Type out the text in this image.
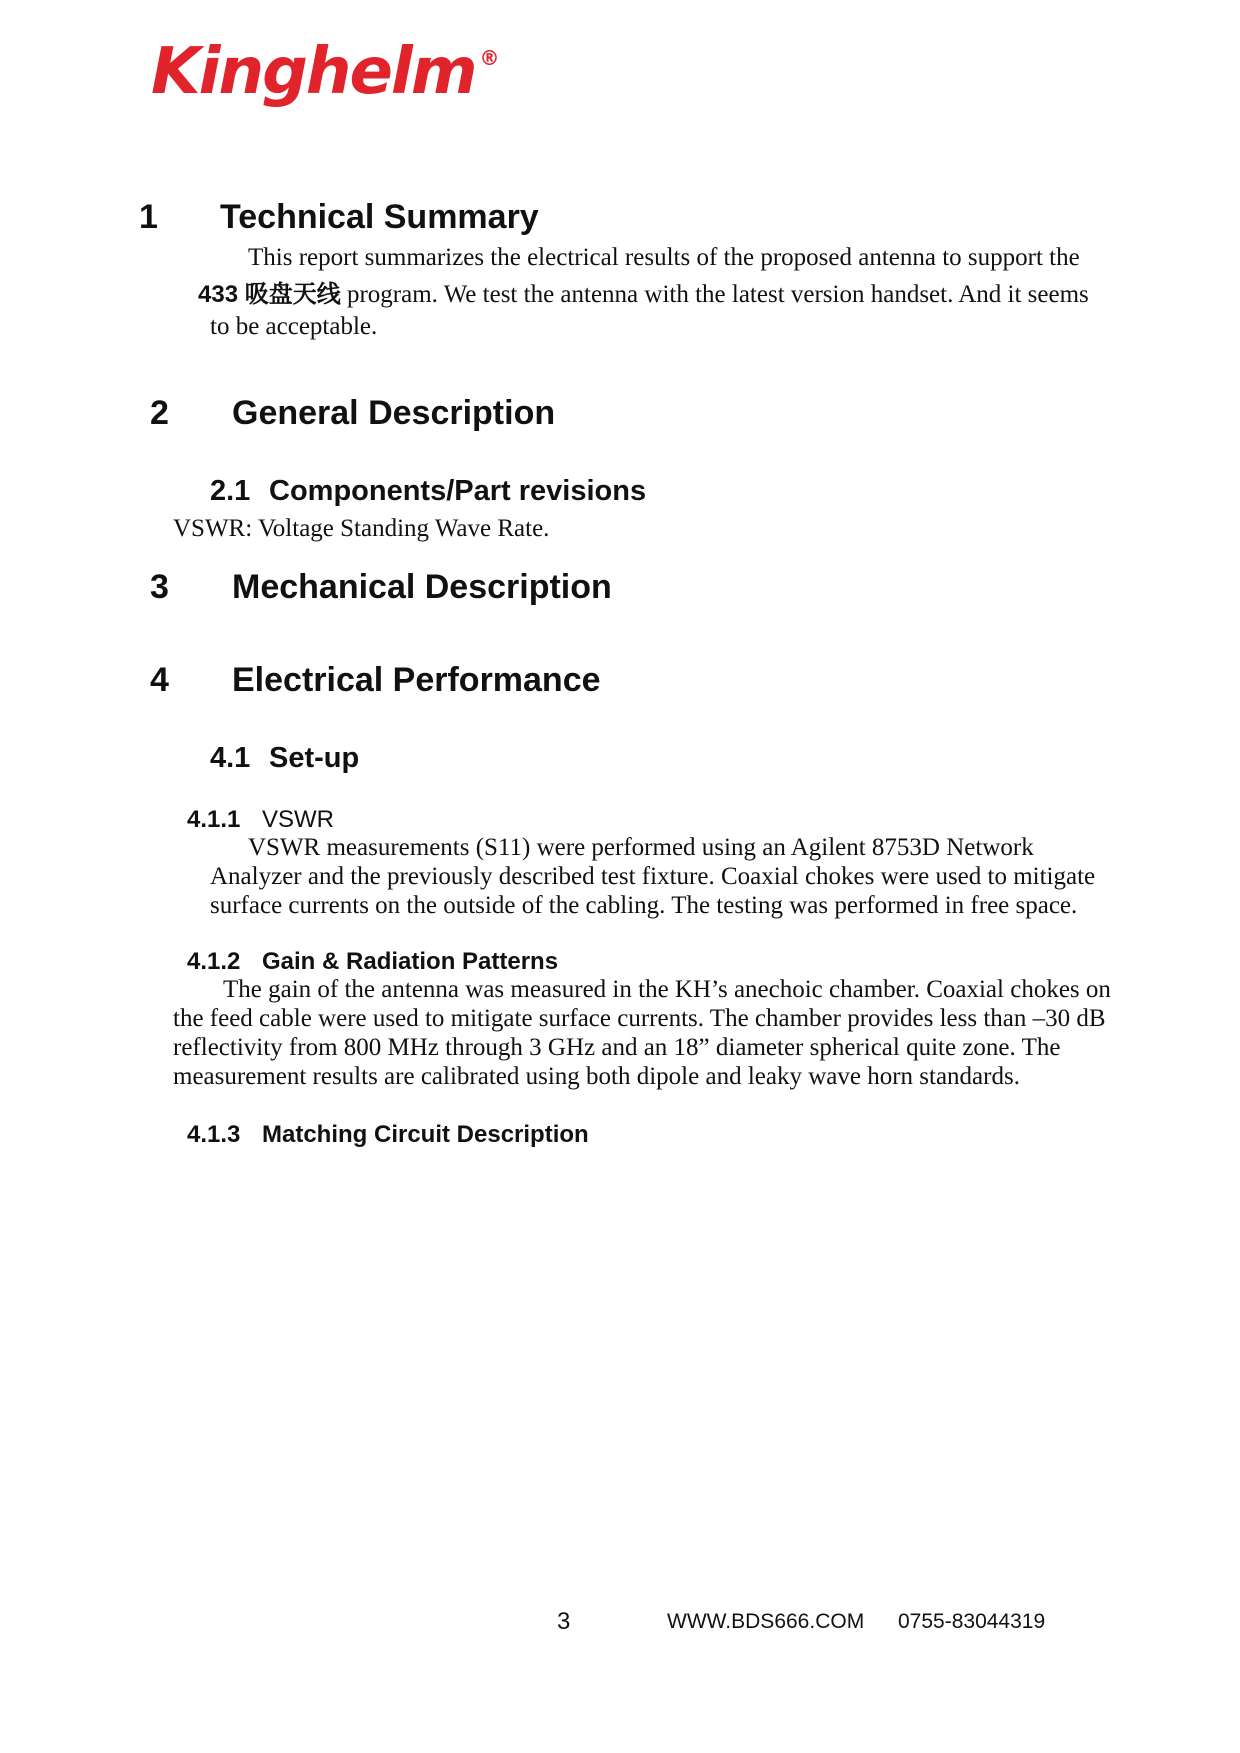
Kinghelm ®
1 Technical Summary
This report summarizes the electrical results of the proposed antenna to support the
433 吸盘天线 program. We test the antenna with the latest version handset. And it seems
to be acceptable.
2 General Description
2.1 Components/Part revisions
VSWR: Voltage Standing Wave Rate.
3 Mechanical Description
4 Electrical Performance
4.1 Set-up
4.1.1 VSWR
VSWR measurements (S11) were performed using an Agilent 8753D Network
Analyzer and the previously described test fixture. Coaxial chokes were used to mitigate
surface currents on the outside of the cabling. The testing was performed in free space.
4.1.2 Gain & Radiation Patterns
The gain of the antenna was measured in the KH’s anechoic chamber. Coaxial chokes on
the feed cable were used to mitigate surface currents. The chamber provides less than –30 dB
reflectivity from 800 MHz through 3 GHz and an 18” diameter spherical quite zone. The
measurement results are calibrated using both dipole and leaky wave horn standards.
4.1.3 Matching Circuit Description
3	WWW.BDS666.COM 0755-83044319
